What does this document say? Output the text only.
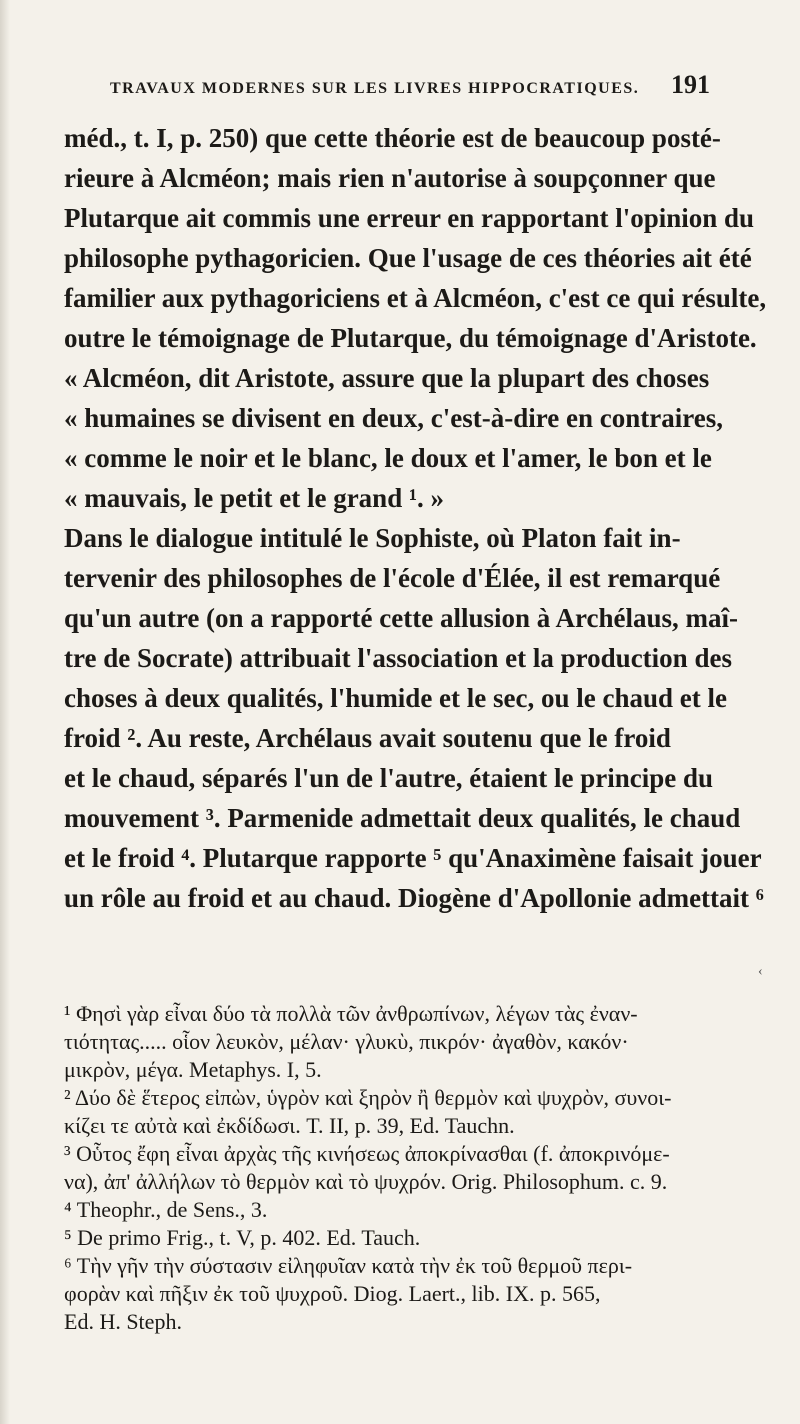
TRAVAUX MODERNES SUR LES LIVRES HIPPOCRATIQUES. 191
méd., t. I, p. 250) que cette théorie est de beaucoup posté-
rieure à Alcméon; mais rien n'autorise à soupçonner que
Plutarque ait commis une erreur en rapportant l'opinion du
philosophe pythagoricien. Que l'usage de ces théories ait été
familier aux pythagoriciens et à Alcméon, c'est ce qui résulte,
outre le témoignage de Plutarque, du témoignage d'Aristote.
« Alcméon, dit Aristote, assure que la plupart des choses
« humaines se divisent en deux, c'est-à-dire en contraires,
« comme le noir et le blanc, le doux et l'amer, le bon et le
« mauvais, le petit et le grand ¹. »
Dans le dialogue intitulé le Sophiste, où Platon fait in-
tervenir des philosophes de l'école d'Élée, il est remarqué
qu'un autre (on a rapporté cette allusion à Archélaus, maî-
tre de Socrate) attribuait l'association et la production des
choses à deux qualités, l'humide et le sec, ou le chaud et le
froid ². Au reste, Archélaus avait soutenu que le froid
et le chaud, séparés l'un de l'autre, étaient le principe du
mouvement ³. Parmenide admettait deux qualités, le chaud
et le froid ⁴. Plutarque rapporte ⁵ qu'Anaximène faisait jouer
un rôle au froid et au chaud. Diogène d'Apollonie admettait ⁶
‹
¹ Φησὶ γὰρ εἶναι δύο τὰ πολλὰ τῶν ἀνθρωπίνων, λέγων τὰς ἐναν-
τιότητας..... οἷον λευκὸν, μέλαν· γλυκὺ, πικρόν· ἀγαθὸν, κακόν·
μικρὸν, μέγα. Metaphys. I, 5.
² Δύο δὲ ἕτερος εἰπὼν, ὑγρὸν καὶ ξηρὸν ἢ θερμὸν καὶ ψυχρὸν, συνοι-
κίζει τε αὐτὰ καὶ ἐκδίδωσι. T. II, p. 39, Ed. Tauchn.
³ Οὗτος ἔφη εἶναι ἀρχὰς τῆς κινήσεως ἀποκρίνασθαι (f. ἀποκρινόμε-
να), ἀπ' ἀλλήλων τὸ θερμὸν καὶ τὸ ψυχρόν. Orig. Philosophum. c. 9.
⁴ Theophr., de Sens., 3.
⁵ De primo Frig., t. V, p. 402. Ed. Tauch.
⁶ Τὴν γῆν τὴν σύστασιν εἰληφυῖαν κατὰ τὴν ἐκ τοῦ θερμοῦ περι-
φορὰν καὶ πῆξιν ἐκ τοῦ ψυχροῦ. Diog. Laert., lib. IX. p. 565,
Ed. H. Steph.
